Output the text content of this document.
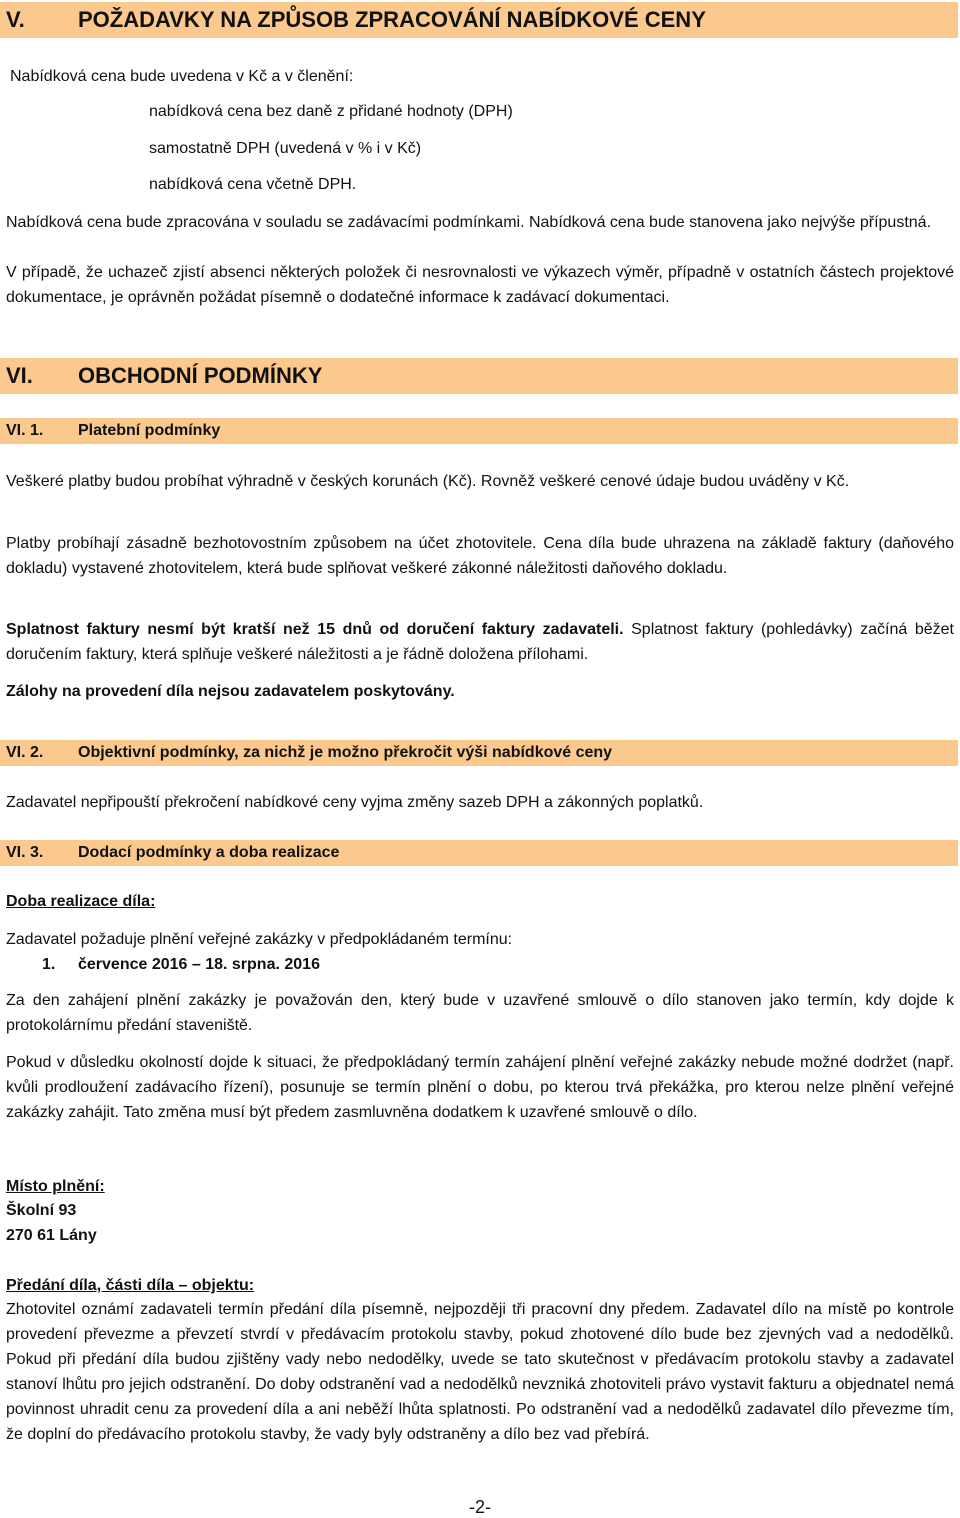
V. POŽADAVKY NA ZPŮSOB ZPRACOVÁNÍ NABÍDKOVÉ CENY
Nabídková cena bude uvedena v Kč a v členění:
nabídková cena bez daně z přidané hodnoty (DPH)
samostatně DPH (uvedená v % i v Kč)
nabídková cena včetně DPH.

Nabídková cena bude zpracována v souladu se zadávacími podmínkami. Nabídková cena bude stanovena jako nejvýše přípustná.

V případě, že uchazeč zjistí absenci některých položek či nesrovnalosti ve výkazech výměr, případně v ostatních částech projektové dokumentace, je oprávněn požádat písemně o dodatečné informace k zadávací dokumentaci.

VI. OBCHODNÍ PODMÍNKY
VI. 1. Platební podmínky

Veškeré platby budou probíhat výhradně v českých korunách (Kč). Rovněž veškeré cenové údaje budou uváděny v Kč.

Platby probíhají zásadně bezhotovostním způsobem na účet zhotovitele. Cena díla bude uhrazena na základě faktury (daňového dokladu) vystavené zhotovitelem, která bude splňovat veškeré zákonné náležitosti daňového dokladu.

Splatnost faktury nesmí být kratší než 15 dnů od doručení faktury zadavateli. Splatnost faktury (pohledávky) začíná běžet doručením faktury, která splňuje veškeré náležitosti a je řádně doložena přílohami.

Zálohy na provedení díla nejsou zadavatelem poskytovány.

VI. 2. Objektivní podmínky, za nichž je možno překročit výši nabídkové ceny

Zadavatel nepřipouští překročení nabídkové ceny vyjma změny sazeb DPH a zákonných poplatků.

VI. 3. Dodací podmínky a doba realizace
Doba realizace díla:
Zadavatel požaduje plnění veřejné zakázky v předpokládaném termínu:
1. července 2016 – 18. srpna. 2016

Za den zahájení plnění zakázky je považován den, který bude v uzavřené smlouvě o dílo stanoven jako termín, kdy dojde k protokolárnímu předání staveniště.

Pokud v důsledku okolností dojde k situaci, že předpokládaný termín zahájení plnění veřejné zakázky nebude možné dodržet (např. kvůli prodloužení zadávacího řízení), posunuje se termín plnění o dobu, po kterou trvá překážka, pro kterou nelze plnění veřejné zakázky zahájit. Tato změna musí být předem zasmluvněna dodatkem k uzavřené smlouvě o dílo.

Místo plnění:
Školní 93
270 61 Lány
Předání díla, části díla – objektu:

Zhotovitel oznámí zadavateli termín předání díla písemně, nejpozději tři pracovní dny předem. Zadavatel dílo na místě po kontrole provedení převezme a převzetí stvrdí v předávacím protokolu stavby, pokud zhotovené dílo bude bez zjevných vad a nedodělků. Pokud při předání díla budou zjištěny vady nebo nedodělky, uvede se tato skutečnost v předávacím protokolu stavby a zadavatel stanoví lhůtu pro jejich odstranění. Do doby odstranění vad a nedodělků nevzniká zhotoviteli právo vystavit fakturu a objednatel nemá povinnost uhradit cenu za provedení díla a ani neběží lhůta splatnosti. Po odstranění vad a nedodělků zadavatel dílo převezme tím, že doplní do předávacího protokolu stavby, že vady byly odstraněny a dílo bez vad přebírá.

-2-
